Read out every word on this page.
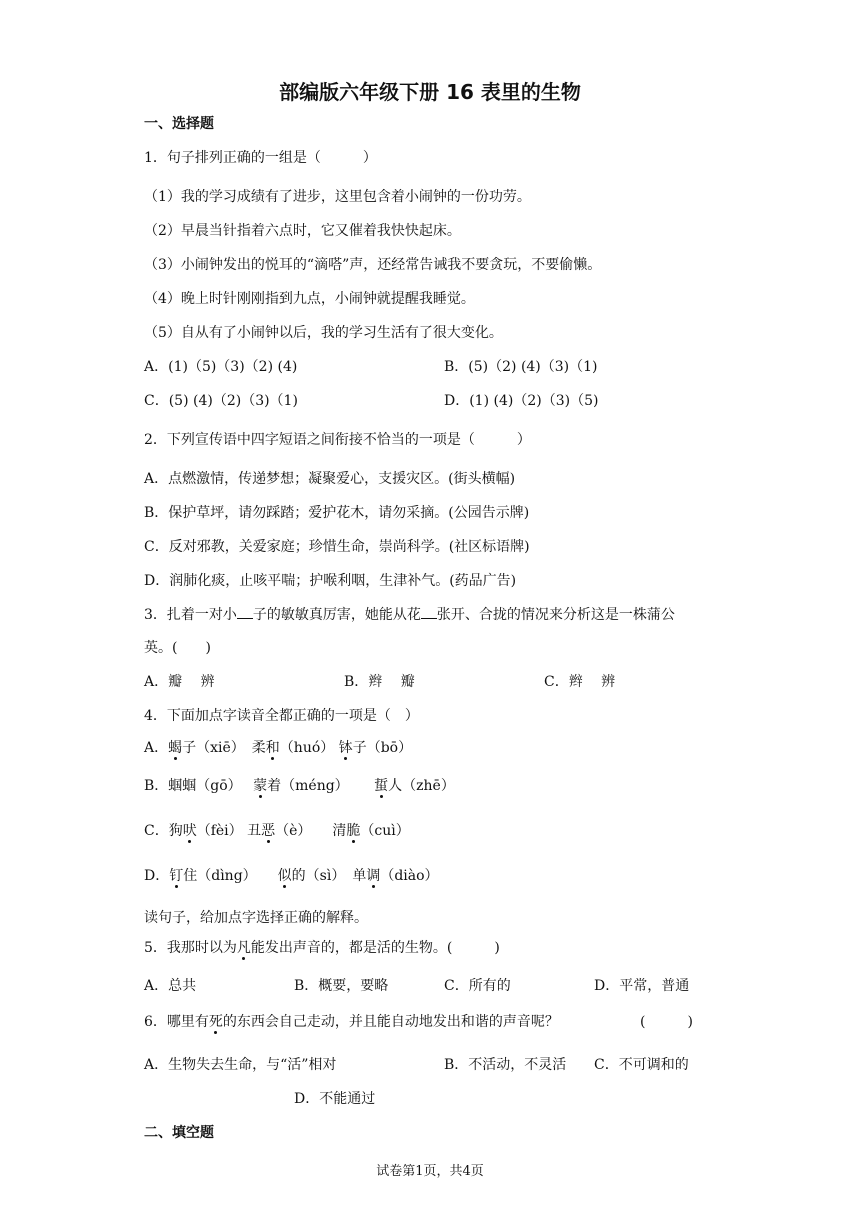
部编版六年级下册 16 表里的生物
一、选择题
1．句子排列正确的一组是（　　　）
（1）我的学习成绩有了进步，这里包含着小闹钟的一份功劳。
（2）早晨当针指着六点时，它又催着我快快起床。
（3）小闹钟发出的悦耳的“滴嗒”声，还经常告诫我不要贪玩，不要偷懒。
（4）晚上时针刚刚指到九点，小闹钟就提醒我睡觉。
（5）自从有了小闹钟以后，我的学习生活有了很大变化。
A．(1)（5)（3)（2) (4)	B．(5)（2) (4)（3)（1)
C．(5) (4)（2)（3)（1)	D．(1) (4)（2)（3)（5)
2．下列宣传语中四字短语之间衔接不恰当的一项是（　　　）
A．点燃激情，传递梦想；凝聚爱心，支援灾区。(街头横幅)
B．保护草坪，请勿踩踏；爱护花木，请勿采摘。(公园告示牌)
C．反对邪教，关爱家庭；珍惜生命，崇尚科学。(社区标语牌)
D．润肺化痰，止咳平喘；护喉利咽，生津补气。(药品广告)
3．扎着一对小 子的敏敏真厉害，她能从花 张开、合拢的情况来分析这是一株蒲公
英。(　　)
A．瓣　 辨	B．辫　 瓣	C．辫　 辨
4．下面加点字读音全都正确的一项是（　）
A．蝎子（xiē）　柔和（huó） 钵子（bō）
B．蝈蝈（gō）　 蒙着（méng）　　 蜇人（zhē）
C．狗吠（fèi） 丑恶（è）　　清脆（cuì）
D．钉住（dìng）　　似的（sì）　单调（diào）
读句子，给加点字选择正确的解释。
5．我那时以为凡能发出声音的，都是活的生物。(　　　)
A．总共	B．概要，要略	C．所有的	D．平常，普通
6．哪里有死的东西会自己走动，并且能自动地发出和谐的声音呢？	(　　　)
A．生物失去生命，与“活”相对	B．不活动，不灵活 C．不可调和的
D．不能通过
二、填空题
试卷第1页，共4页
